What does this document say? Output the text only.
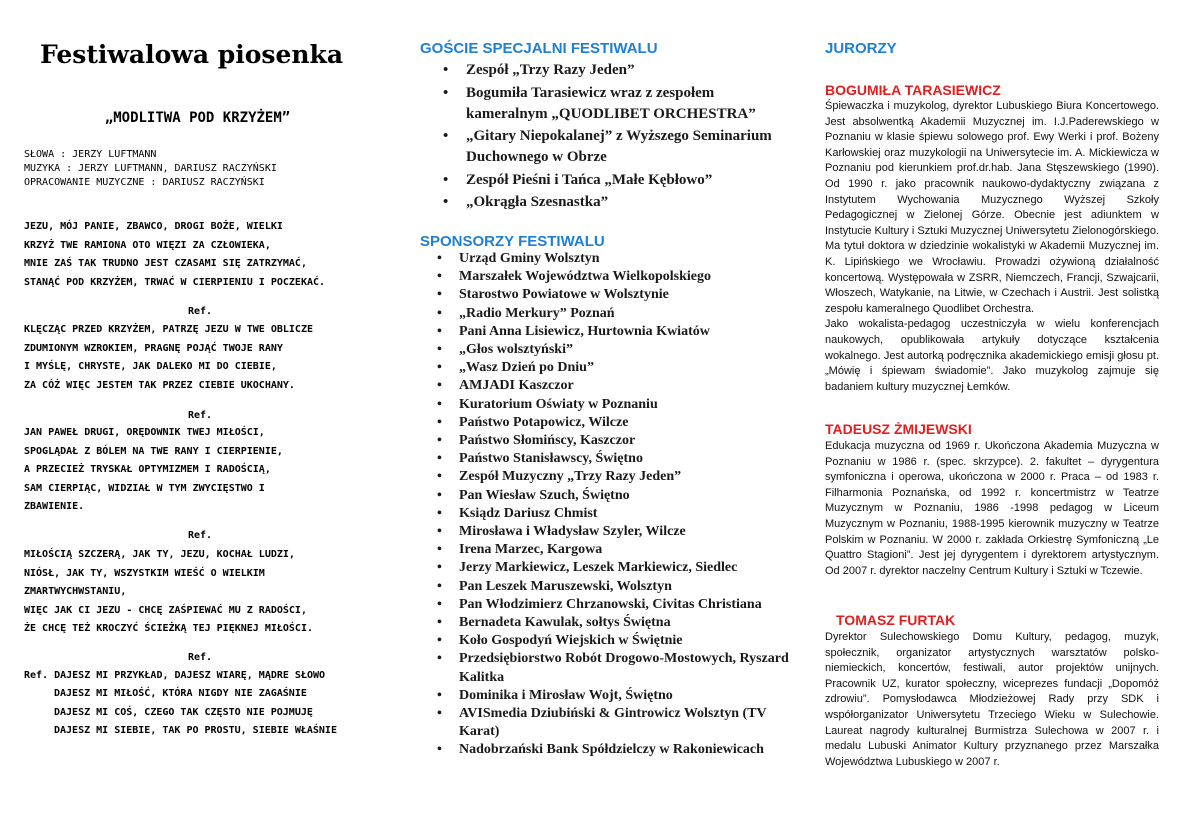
Festiwalowa piosenka
„MODLITWA POD KRZYŻEM”
SŁOWA : JERZY LUFTMANN
MUZYKA : JERZY LUFTMANN, DARIUSZ RACZYŃSKI
OPRACOWANIE MUZYCZNE : DARIUSZ RACZYŃSKI
JEZU, MÓJ PANIE, ZBAWCO, DROGI BOŻE, WIELKI
KRZYŻ TWE RAMIONA OTO WIĘZI ZA CZŁOWIEKA,
MNIE ZAŚ TAK TRUDNO JEST CZASAMI SIĘ ZATRZYMAĆ,
STANĄĆ POD KRZYŻEM, TRWAĆ W CIERPIENIU I POCZEKAĆ.
Ref.
KLĘCZĄC PRZED KRZYŻEM, PATRZĘ JEZU W TWE OBLICZE
ZDUMIONYM WZROKIEM, PRAGNĘ POJĄĆ TWOJE RANY
I MYŚLĘ, CHRYSTE, JAK DALEKO MI DO CIEBIE,
ZA CÓŻ WIĘC JESTEM TAK PRZEZ CIEBIE UKOCHANY.
Ref.
JAN PAWEŁ DRUGI, ORĘDOWNIK TWEJ MIŁOŚCI,
SPOGLĄDAŁ Z BÓLEM NA TWE RANY I CIERPIENIE,
A PRZECIEŻ TRYSKAŁ OPTYMIZMEM I RADOŚCIĄ,
SAM CIERPIĄC, WIDZIAŁ W TYM ZWYCIĘSTWO I
ZBAWIENIE.
Ref.
MIŁOŚCIĄ SZCZERĄ, JAK TY, JEZU, KOCHAŁ LUDZI,
NIÓSŁ, JAK TY, WSZYSTKIM WIEŚĆ O WIELKIM
ZMARTWYCHWSTANIU,
WIĘC JAK CI JEZU - CHCĘ ZAŚPIEWAĆ MU Z RADOŚCI,
ŻE CHCĘ TEŻ KROCZYĆ ŚCIEŻKĄ TEJ PIĘKNEJ MIŁOŚCI.
Ref.
Ref. DAJESZ MI PRZYKŁAD, DAJESZ WIARĘ, MĄDRE SŁOWO
DAJESZ MI MIŁOŚĆ, KTÓRA NIGDY NIE ZAGAŚNIE
DAJESZ MI COŚ, CZEGO TAK CZĘSTO NIE POJMUJĘ
DAJESZ MI SIEBIE, TAK PO PROSTU, SIEBIE WŁAŚNIE
GOŚCIE SPECJALNI FESTIWALU
• Zespół „Trzy Razy Jeden”
• Bogumiła Tarasiewicz wraz z zespołem kameralnym „QUODLIBET ORCHESTRA”
• „Gitary Niepokalanej” z Wyższego Seminarium Duchownego w Obrze
• Zespół Pieśni i Tańca „Małe Kębłowo”
• „Okrągła Szesnastka”
SPONSORZY FESTIWALU
• Urząd Gminy Wolsztyn
• Marszałek Województwa Wielkopolskiego
• Starostwo Powiatowe w Wolsztynie
• „Radio Merkury” Poznań
• Pani Anna Lisiewicz, Hurtownia Kwiatów
• „Głos wolsztyński”
• „Wasz Dzień po Dniu”
• AMJADI Kaszczor
• Kuratorium Oświaty w Poznaniu
• Państwo Potapowicz, Wilcze
• Państwo Słomińscy, Kaszczor
• Państwo Stanisławscy, Świętno
• Zespół Muzyczny „Trzy Razy Jeden”
• Pan Wiesław Szuch, Świętno
• Ksiądz Dariusz Chmist
• Mirosława i Władysław Szyler, Wilcze
• Irena Marzec, Kargowa
• Jerzy Markiewicz, Leszek Markiewicz, Siedlec
• Pan Leszek Maruszewski, Wolsztyn
• Pan Włodzimierz Chrzanowski, Civitas Christiana
• Bernadeta Kawulak, sołtys Świętna
• Koło Gospodyń Wiejskich w Świętnie
• Przedsiębiorstwo Robót Drogowo-Mostowych, Ryszard Kalitka
• Dominika i Mirosław Wojt, Świętno
• AVISmedia Dziubiński & Gintrowicz Wolsztyn (TV Karat)
• Nadobrzański Bank Spółdzielczy w Rakoniewicach
JURORZY
BOGUMIŁA TARASIEWICZ

Śpiewaczka i muzykolog, dyrektor Lubuskiego Biura Koncertowego. Jest absolwentką Akademii Muzycznej im. I.J.Paderewskiego w Poznaniu w klasie śpiewu solowego prof. Ewy Werki i prof. Bożeny Karłowskiej oraz muzykologii na Uniwersytecie im. A. Mickiewicza w Poznaniu pod kierunkiem prof.dr.hab. Jana Stęszewskiego (1990). Od 1990 r. jako pracownik naukowo-dydaktyczny związana z Instytutem Wychowania Muzycznego Wyższej Szkoły Pedagogicznej w Zielonej Górze. Obecnie jest adiunktem w Instytucie Kultury i Sztuki Muzycznej Uniwersytetu Zielonogórskiego. Ma tytuł doktora w dziedzinie wokalistyki w Akademii Muzycznej im. K. Lipińskiego we Wrocławiu. Prowadzi ożywioną działalność koncertową. Występowała w ZSRR, Niemczech, Francji, Szwajcarii, Włoszech, Watykanie, na Litwie, w Czechach i Austrii. Jest solistką zespołu kameralnego Quodlibet Orchestra.

Jako wokalista-pedagog uczestniczyła w wielu konferencjach naukowych, opublikowała artykuły dotyczące kształcenia wokalnego. Jest autorką podręcznika akademickiego emisji głosu pt. „Mówię i śpiewam świadomie”. Jako muzykolog zajmuje się badaniem kultury muzycznej Łemków.

TADEUSZ ŻMIJEWSKI

Edukacja muzyczna od 1969 r. Ukończona Akademia Muzyczna w Poznaniu w 1986 r. (spec. skrzypce). 2. fakultet – dyrygentura symfoniczna i operowa, ukończona w 2000 r. Praca – od 1983 r. Filharmonia Poznańska, od 1992 r. koncertmistrz w Teatrze Muzycznym w Poznaniu, 1986 -1998 pedagog w Liceum Muzycznym w Poznaniu, 1988-1995 kierownik muzyczny w Teatrze Polskim w Poznaniu. W 2000 r. zakłada Orkiestrę Symfoniczną „Le Quattro Stagioni”. Jest jej dyrygentem i dyrektorem artystycznym. Od 2007 r. dyrektor naczelny Centrum Kultury i Sztuki w Tczewie.

TOMASZ FURTAK

Dyrektor Sulechowskiego Domu Kultury, pedagog, muzyk, społecznik, organizator artystycznych warsztatów polsko-niemieckich, koncertów, festiwali, autor projektów unijnych. Pracownik UZ, kurator społeczny, wiceprezes fundacji „Dopomóż zdrowiu”. Pomysłodawca Młodzieżowej Rady przy SDK i współorganizator Uniwersytetu Trzeciego Wieku w Sulechowie. Laureat nagrody kulturalnej Burmistrza Sulechowa w 2007 r. i medalu Lubuski Animator Kultury przyznanego przez Marszałka Województwa Lubuskiego w 2007 r.
